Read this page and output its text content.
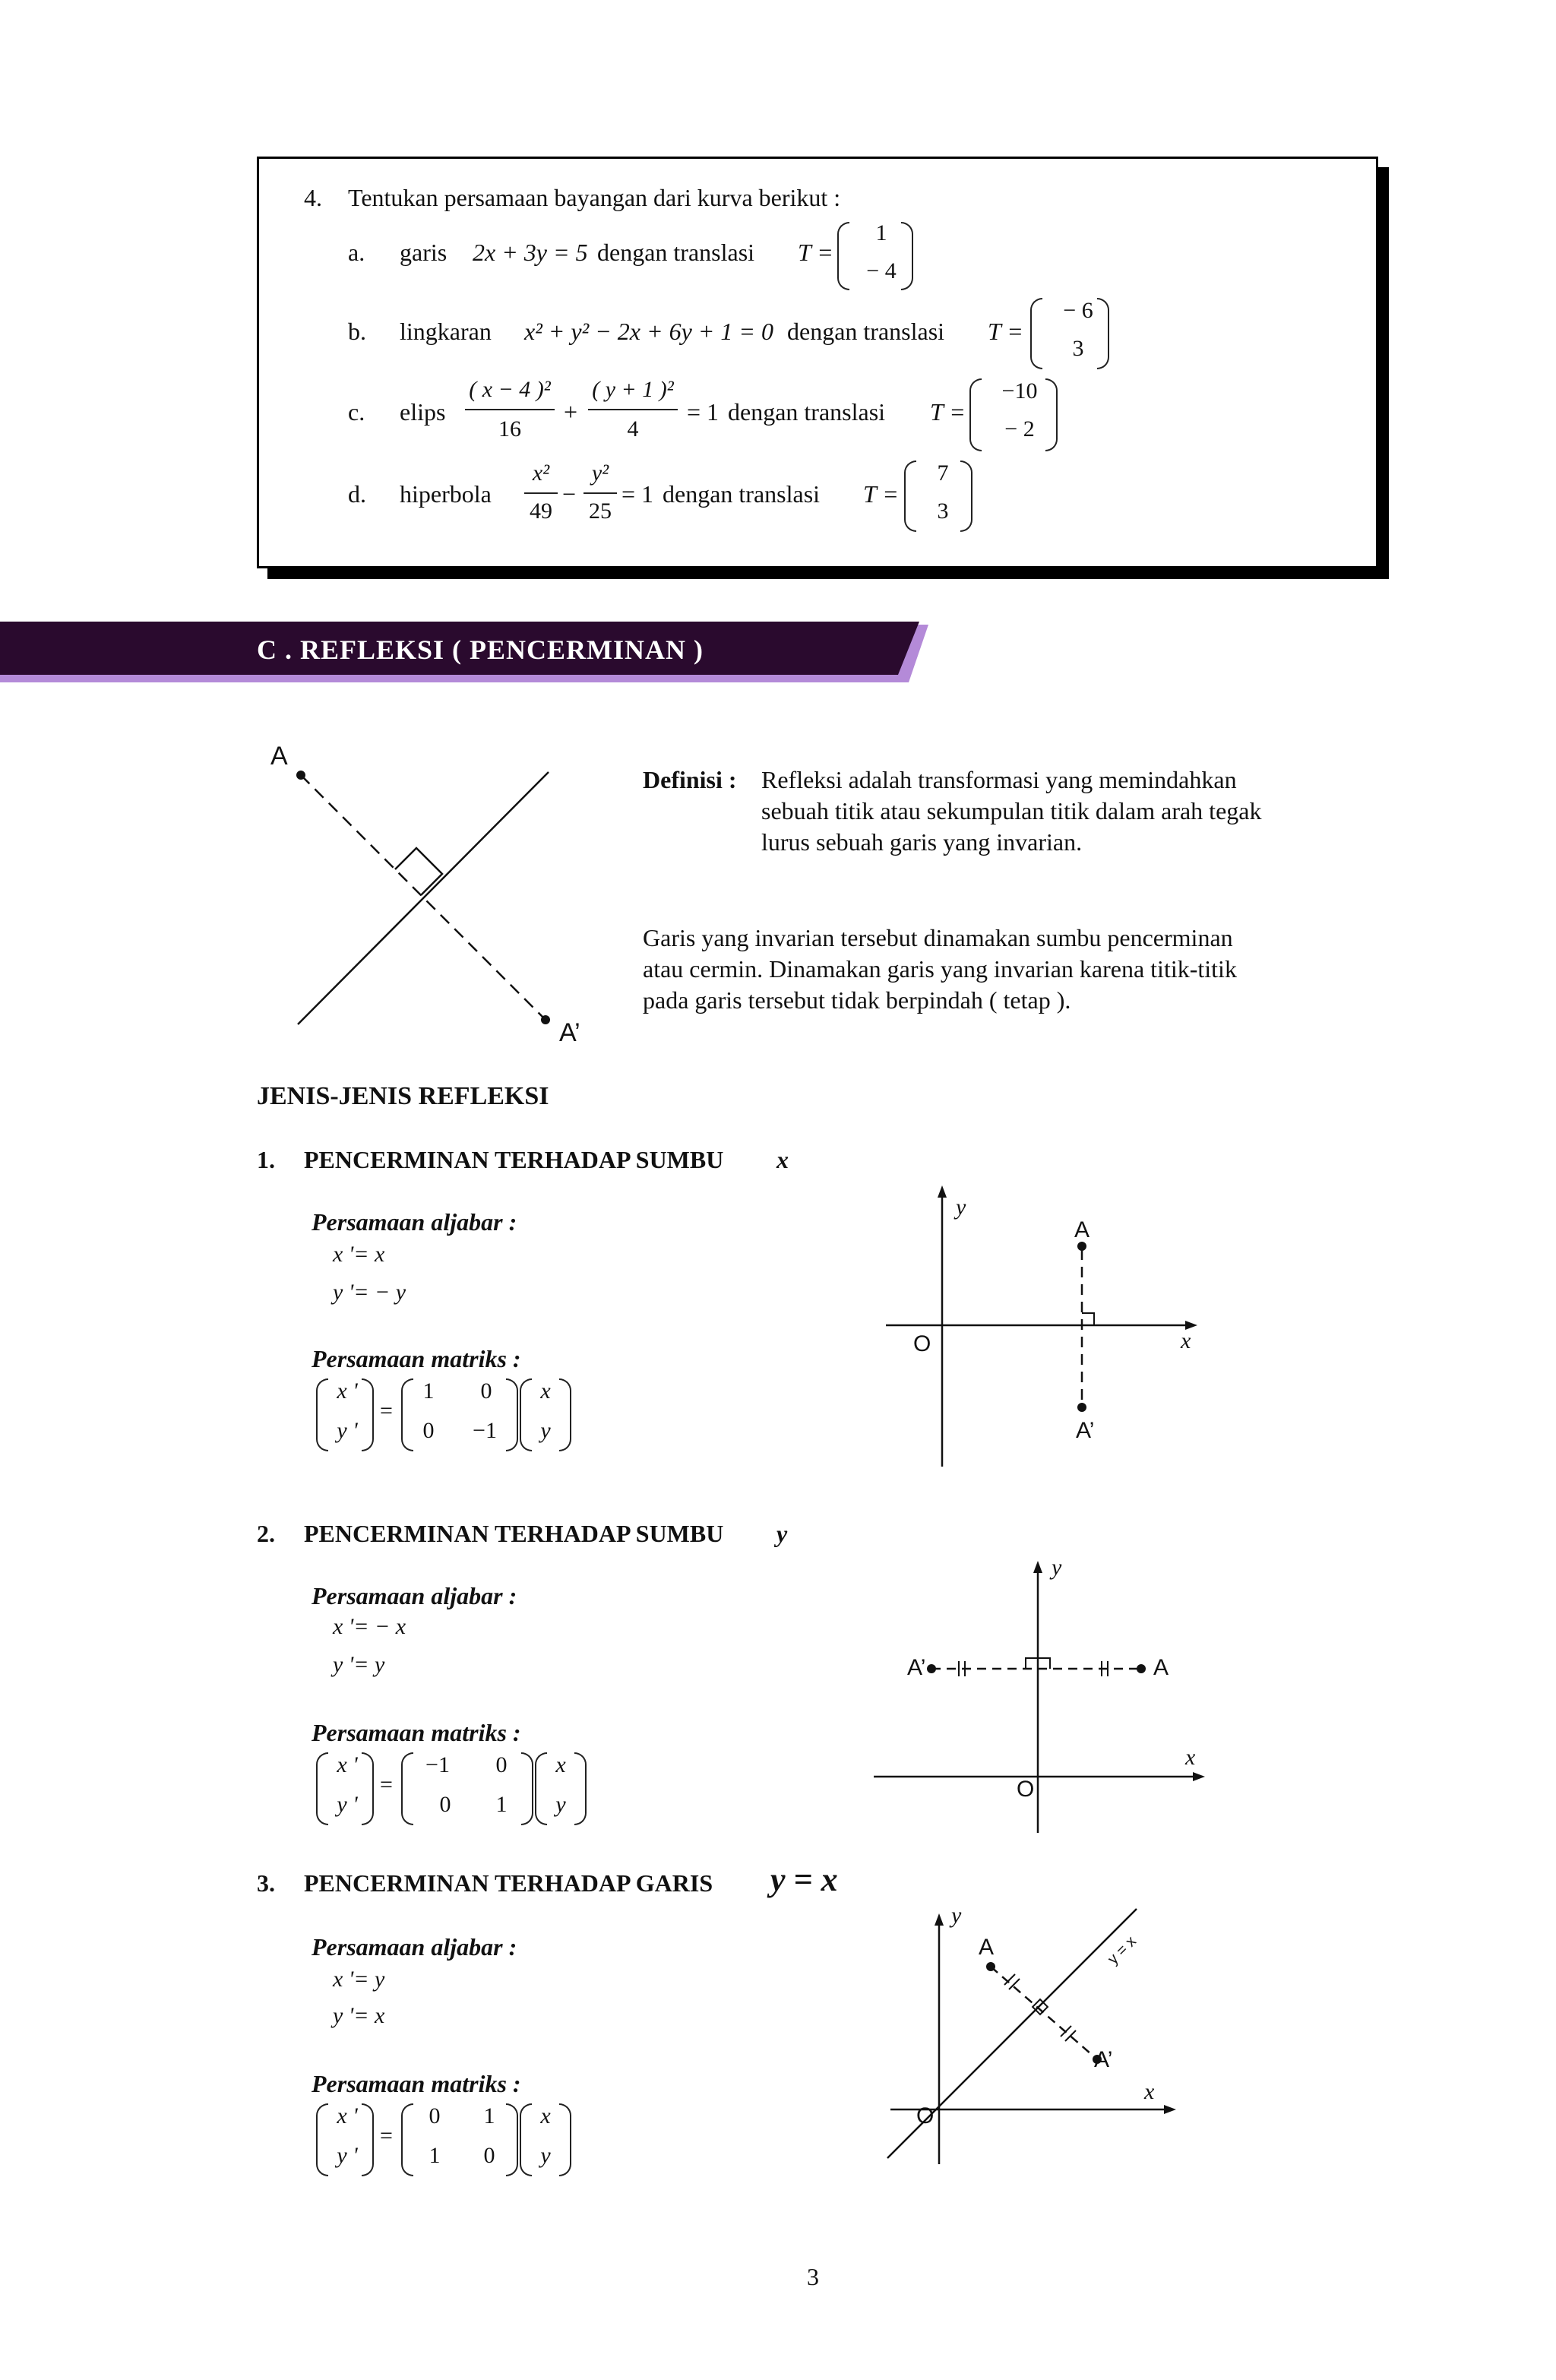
4. Tentukan persamaan bayangan dari kurva berikut :
a. garis 2x + 3y = 5 dengan translasi T =
1
− 4
b. lingkaran x² + y² − 2x + 6y + 1 = 0 dengan translasi T =
− 6
3
c. elips
( x − 4 )²
16
+
( y + 1 )²
4
= 1 dengan translasi T =
−10
− 2
d. hiperbola
x²
49
−
y²
25
= 1 dengan translasi T =
7
3
C . REFLEKSI ( PENCERMINAN )
A
A’
Definisi : Refleksi adalah transformasi yang memindahkan
sebuah titik atau sekumpulan titik dalam arah tegak
lurus sebuah garis yang invarian.
Garis yang invarian tersebut dinamakan sumbu pencerminan
atau cermin. Dinamakan garis yang invarian karena titik-titik
pada garis tersebut tidak berpindah ( tetap ).
JENIS-JENIS REFLEKSI
1. PENCERMINAN TERHADAP SUMBU x
Persamaan aljabar :
x '= x
y '= − y
Persamaan matriks :
x '
y '
=
1	0
0	−1
x
y
y
x
O
A
A’
2. PENCERMINAN TERHADAP SUMBU y
Persamaan aljabar :
x '= − x
y '= y
Persamaan matriks :
x '
y '
=
−1	0
0	1
x
y
y
x
O
A’	A
3. PENCERMINAN TERHADAP GARIS y = x
Persamaan aljabar :
x '= y
y '= x
Persamaan matriks :
x '
y '
=
0	1
1	0
x
y
y
x
O
A
A’
y = x
3
